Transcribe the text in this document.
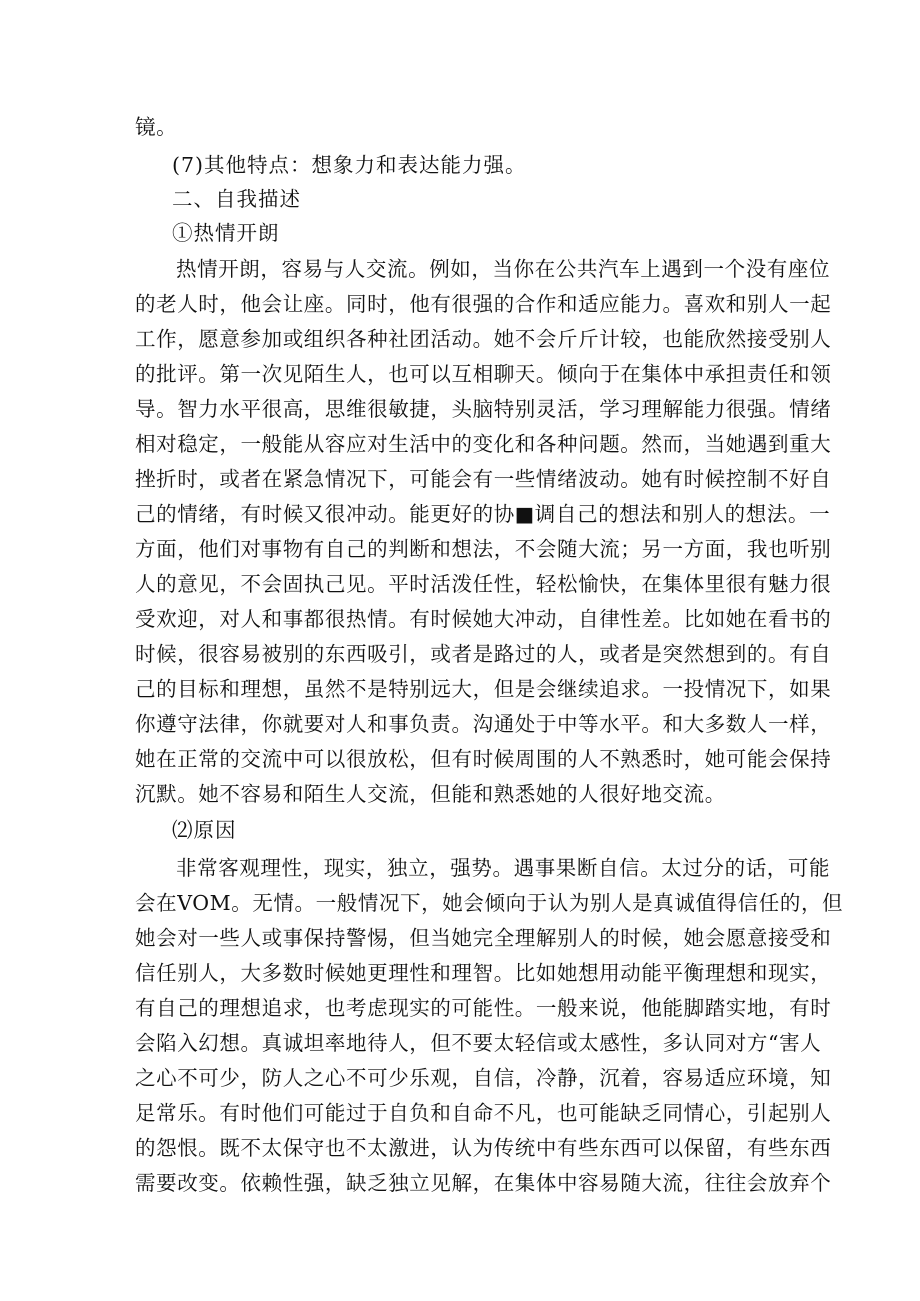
镜。
(7)其他特点：想象力和表达能力强。
二、自我描述
①热情开朗
热情开朗，容易与人交流。例如，当你在公共汽车上遇到一个没有座位
的老人时，他会让座。同时，他有很强的合作和适应能力。喜欢和别人一起
工作，愿意参加或组织各种社团活动。她不会斤斤计较，也能欣然接受别人
的批评。第一次见陌生人，也可以互相聊天。倾向于在集体中承担责任和领
导。智力水平很高，思维很敏捷，头脑特别灵活，学习理解能力很强。情绪
相对稳定，一般能从容应对生活中的变化和各种问题。然而，当她遇到重大
挫折时，或者在紧急情况下，可能会有一些情绪波动。她有时候控制不好自
己的情绪，有时候又很冲动。能更好的协■调自己的想法和别人的想法。一
方面，他们对事物有自己的判断和想法，不会随大流；另一方面，我也听别
人的意见，不会固执己见。平时活泼任性，轻松愉快，在集体里很有魅力很
受欢迎，对人和事都很热情。有时候她大冲动，自律性差。比如她在看书的
时候，很容易被别的东西吸引，或者是路过的人，或者是突然想到的。有自
己的目标和理想，虽然不是特别远大，但是会继续追求。一投情况下，如果
你遵守法律，你就要对人和事负责。沟通处于中等水平。和大多数人一样，
她在正常的交流中可以很放松，但有时候周围的人不熟悉时，她可能会保持
沉默。她不容易和陌生人交流，但能和熟悉她的人很好地交流。
⑵原因
非常客观理性，现实，独立，强势。遇事果断自信。太过分的话，可能
会在VOM。无情。一般情况下，她会倾向于认为别人是真诚值得信任的，但
她会对一些人或事保持警惕，但当她完全理解别人的时候，她会愿意接受和
信任别人，大多数时候她更理性和理智。比如她想用动能平衡理想和现实，
有自己的理想追求，也考虑现实的可能性。一般来说，他能脚踏实地，有时
会陷入幻想。真诚坦率地待人，但不要太轻信或太感性，多认同对方“害人
之心不可少，防人之心不可少乐观，自信，冷静，沉着，容易适应环境，知
足常乐。有时他们可能过于自负和自命不凡，也可能缺乏同情心，引起别人
的怨恨。既不太保守也不太激进，认为传统中有些东西可以保留，有些东西
需要改变。依赖性强，缺乏独立见解，在集体中容易随大流，往往会放弃个
